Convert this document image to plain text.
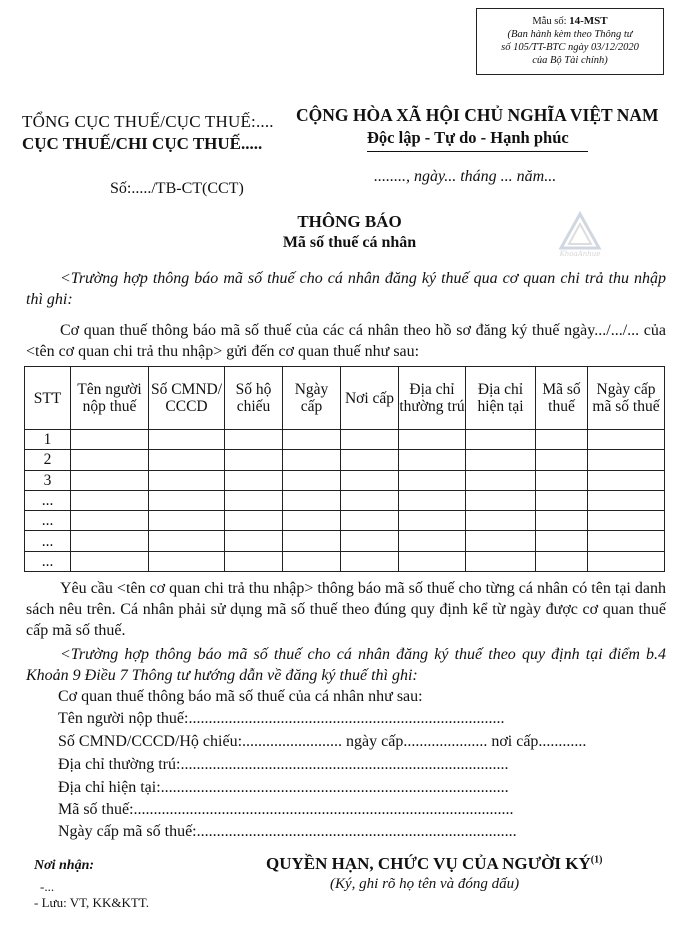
Mẫu số: 14-MST
(Ban hành kèm theo Thông tư
số 105/TT-BTC ngày 03/12/2020
của Bộ Tài chính)
TỔNG CỤC THUẾ/CỤC THUẾ:....
CỤC THUẾ/CHI CỤC THUẾ.....
CỘNG HÒA XÃ HỘI CHỦ NGHĨA VIỆT NAM
Độc lập - Tự do - Hạnh phúc
Số:...../TB-CT(CCT)
........, ngày... tháng ... năm...
THÔNG BÁO
Mã số thuế cá nhân
KhoaAnhue
<Trường hợp thông báo mã số thuế cho cá nhân đăng ký thuế qua cơ quan chi trả thu nhập thì ghi:
Cơ quan thuế thông báo mã số thuế của các cá nhân theo hồ sơ đăng ký thuế ngày.../.../... của <tên cơ quan chi trả thu nhập> gửi đến cơ quan thuế như sau:
STT	Tên người nộp thuế	Số CMND/ CCCD	Số hộ chiếu	Ngày cấp	Nơi cấp	Địa chỉ thường trú	Địa chỉ hiện tại	Mã số thuế	Ngày cấp mã số thuế
1									
2									
3									
...									
...									
...									
...									
Yêu cầu <tên cơ quan chi trả thu nhập> thông báo mã số thuế cho từng cá nhân có tên tại danh sách nêu trên. Cá nhân phải sử dụng mã số thuế theo đúng quy định kể từ ngày được cơ quan thuế cấp mã số thuế.
<Trường hợp thông báo mã số thuế cho cá nhân đăng ký thuế theo quy định tại điểm b.4 Khoản 9 Điều 7 Thông tư hướng dẫn về đăng ký thuế thì ghi:
Cơ quan thuế thông báo mã số thuế của cá nhân như sau:
Tên người nộp thuế:...............................................................................
Số CMND/CCCD/Hộ chiếu:......................... ngày cấp..................... nơi cấp............
Địa chỉ thường trú:..................................................................................
Địa chỉ hiện tại:.......................................................................................
Mã số thuế:...............................................................................................
Ngày cấp mã số thuế:................................................................................
Nơi nhận:
-...
- Lưu: VT, KK&KTT.
QUYỀN HẠN, CHỨC VỤ CỦA NGƯỜI KÝ$^{(1)}$
(Ký, ghi rõ họ tên và đóng dấu)
